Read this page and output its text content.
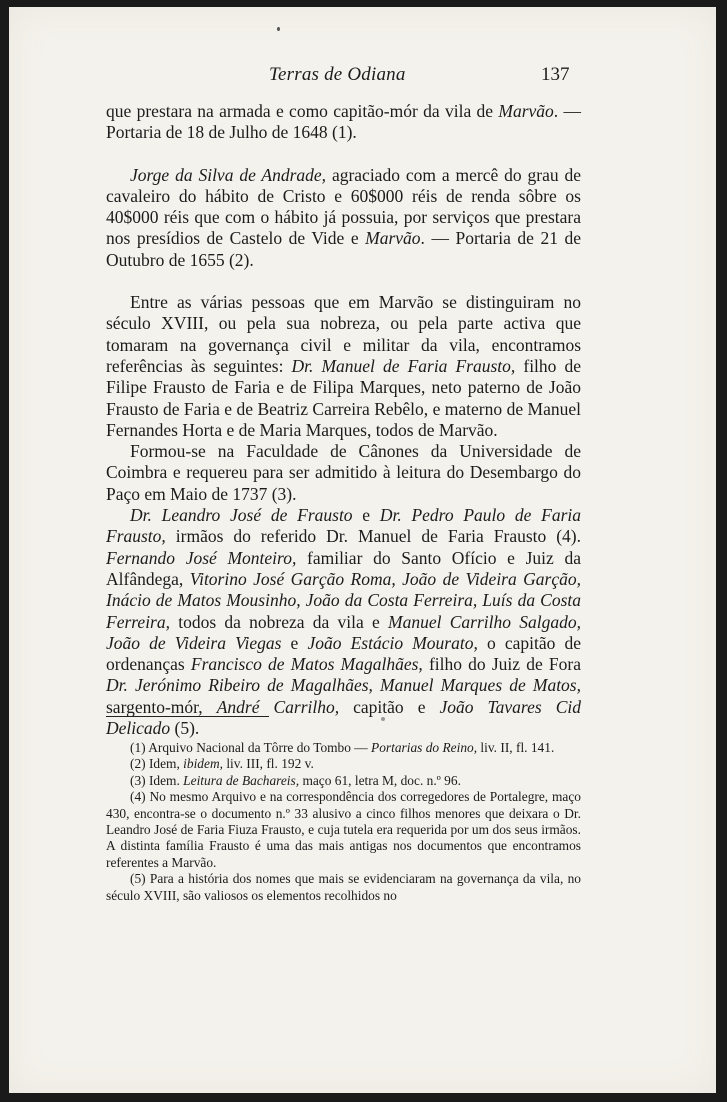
Terras de Odiana	137

que prestara na armada e como capitão-mór da vila de Marvão. — Portaria de 18 de Julho de 1648 (1).

Jorge da Silva de Andrade, agraciado com a mercê do grau de cavaleiro do hábito de Cristo e 60$000 réis de renda sôbre os 40$000 réis que com o hábito já possuia, por serviços que prestara nos presídios de Castelo de Vide e Marvão. — Portaria de 21 de Outubro de 1655 (2).

Entre as várias pessoas que em Marvão se distinguiram no século XVIII, ou pela sua nobreza, ou pela parte activa que tomaram na governança civil e militar da vila, encontramos referências às seguintes: Dr. Manuel de Faria Frausto, filho de Filipe Frausto de Faria e de Filipa Marques, neto paterno de João Frausto de Faria e de Beatriz Carreira Rebêlo, e materno de Manuel Fernandes Horta e de Maria Marques, todos de Marvão.

Formou-se na Faculdade de Cânones da Universidade de Coimbra e requereu para ser admitido à leitura do Desembargo do Paço em Maio de 1737 (3).

Dr. Leandro José de Frausto e Dr. Pedro Paulo de Faria Frausto, irmãos do referido Dr. Manuel de Faria Frausto (4). Fernando José Monteiro, familiar do Santo Ofício e Juiz da Alfândega, Vitorino José Garção Roma, João de Videira Garção, Inácio de Matos Mousinho, João da Costa Ferreira, Luís da Costa Ferreira, todos da nobreza da vila e Manuel Carrilho Salgado, João de Videira Viegas e João Estácio Mourato, o capitão de ordenanças Francisco de Matos Magalhães, filho do Juiz de Fora Dr. Jerónimo Ribeiro de Magalhães, Manuel Marques de Matos, sargento-mór, André Carrilho, capitão e João Tavares Cid Delicado (5).

(1) Arquivo Nacional da Tôrre do Tombo — Portarias do Reino, liv. II, fl. 141.

(2) Idem, ibidem, liv. III, fl. 192 v.

(3) Idem. Leitura de Bachareis, maço 61, letra M, doc. n.º 96.

(4) No mesmo Arquivo e na correspondência dos corregedores de Portalegre, maço 430, encontra-se o documento n.º 33 alusivo a cinco filhos menores que deixara o Dr. Leandro José de Faria Fiuza Frausto, e cuja tutela era requerida por um dos seus irmãos. A distinta família Frausto é uma das mais antigas nos documentos que encontramos referentes a Marvão.

(5) Para a história dos nomes que mais se evidenciaram na governança da vila, no século XVIII, são valiosos os elementos recolhidos no
